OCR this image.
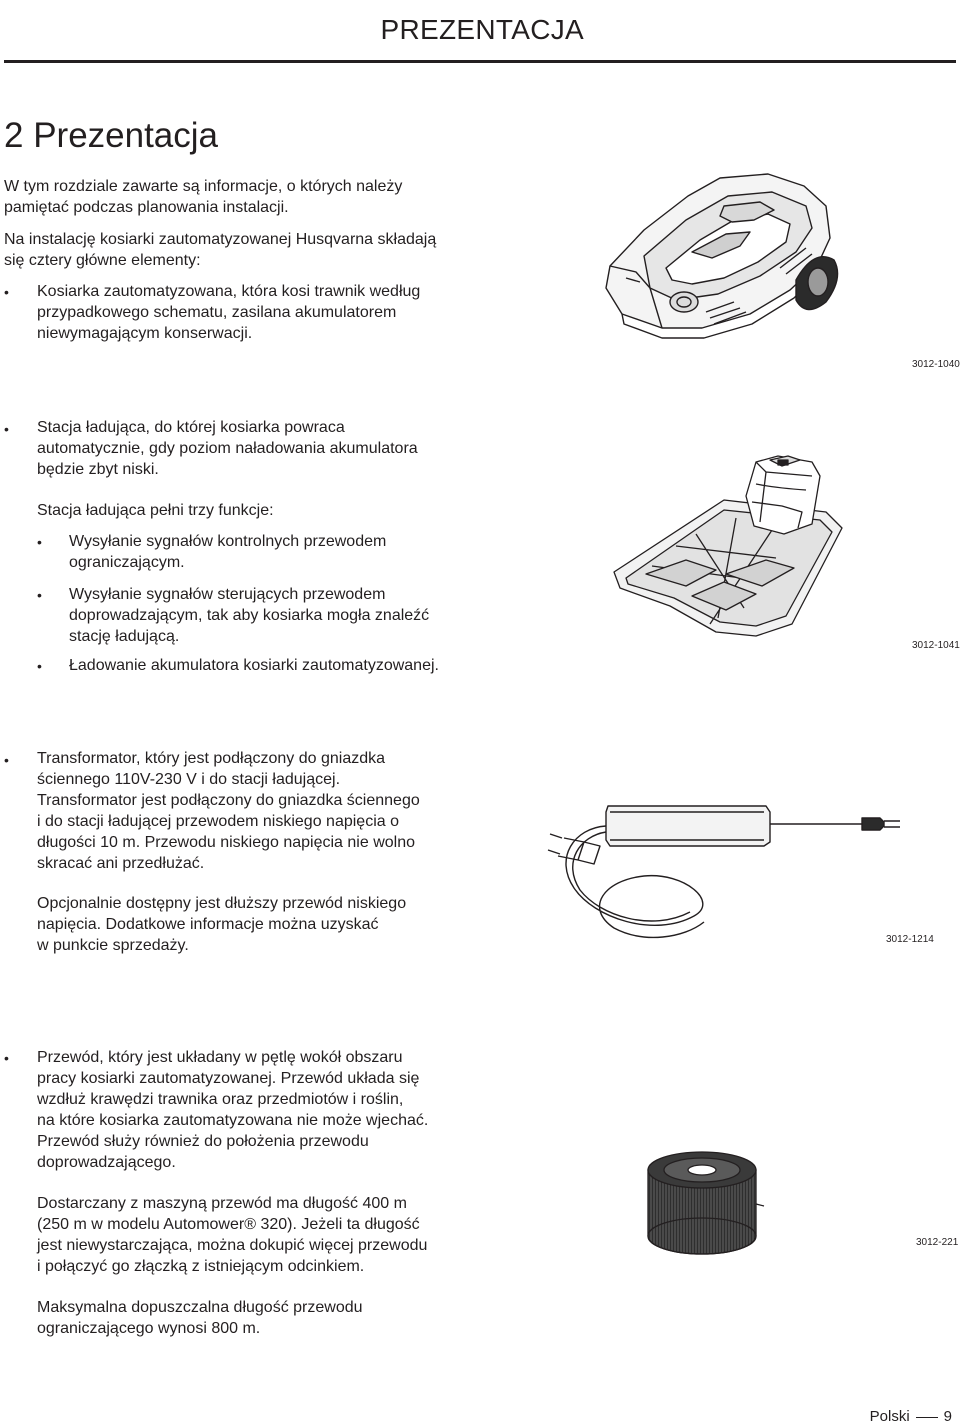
PREZENTACJA
2 Prezentacja

W tym rozdziale zawarte są informacje, o których należy

pamiętać podczas planowania instalacji.

Na instalację kosiarki zautomatyzowanej Husqvarna składają

się cztery główne elementy:

• Kosiarka zautomatyzowana, która kosi trawnik według

przypadkowego schematu, zasilana akumulatorem

niewymagającym konserwacji.

3012-1040
• Stacja ładująca, do której kosiarka powraca

automatycznie, gdy poziom naładowania akumulatora

będzie zbyt niski.

Stacja ładująca pełni trzy funkcje:

• Wysyłanie sygnałów kontrolnych przewodem

ograniczającym.

• Wysyłanie sygnałów sterujących przewodem

doprowadzającym, tak aby kosiarka mogła znaleźć

stację ładującą.

• Ładowanie akumulatora kosiarki zautomatyzowanej.

3012-1041
• Transformator, który jest podłączony do gniazdka

ściennego 110V-230 V i do stacji ładującej.

Transformator jest podłączony do gniazdka ściennego

i do stacji ładującej przewodem niskiego napięcia o

długości 10 m. Przewodu niskiego napięcia nie wolno

skracać ani przedłużać.

Opcjonalnie dostępny jest dłuższy przewód niskiego

napięcia. Dodatkowe informacje można uzyskać

w punkcie sprzedaży.	3012-1214
• Przewód, który jest układany w pętlę wokół obszaru

pracy kosiarki zautomatyzowanej. Przewód układa się

wzdłuż krawędzi trawnika oraz przedmiotów i roślin,

na które kosiarka zautomatyzowana nie może wjechać.

Przewód służy również do położenia przewodu

doprowadzającego.

Dostarczany z maszyną przewód ma długość 400 m

(250 m w modelu Automower® 320). Jeżeli ta długość

jest niewystarczająca, można dokupić więcej przewodu

i połączyć go złączką z istniejącym odcinkiem.

Maksymalna dopuszczalna długość przewodu

ograniczającego wynosi 800 m.

3012-221
Polski 9
